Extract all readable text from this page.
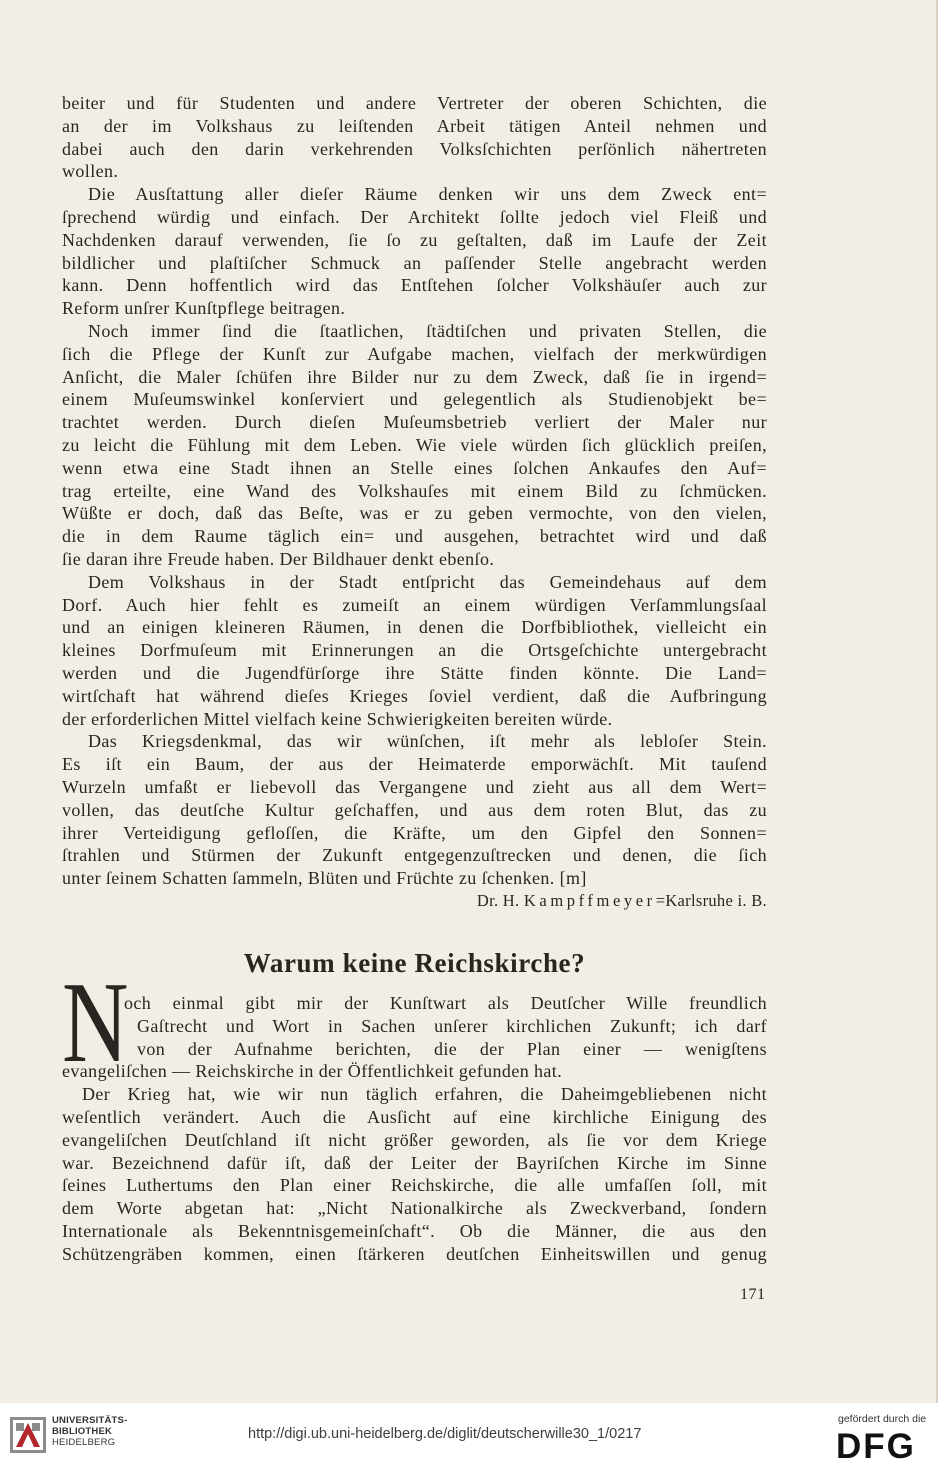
beiter und für Studenten und andere Vertreter der oberen Schichten, die
an der im Volkshaus zu leiſtenden Arbeit tätigen Anteil nehmen und
dabei auch den darin verkehrenden Volksſchichten perſönlich nähertreten
wollen.
Die Ausſtattung aller dieſer Räume denken wir uns dem Zweck ent=
ſprechend würdig und einfach. Der Architekt ſollte jedoch viel Fleiß und
Nachdenken darauf verwenden, ſie ſo zu geſtalten, daß im Laufe der Zeit
bildlicher und plaſtiſcher Schmuck an paſſender Stelle angebracht werden
kann. Denn hoffentlich wird das Entſtehen ſolcher Volkshäuſer auch zur
Reform unſrer Kunſtpflege beitragen.
Noch immer ſind die ſtaatlichen, ſtädtiſchen und privaten Stellen, die
ſich die Pflege der Kunſt zur Aufgabe machen, vielfach der merkwürdigen
Anſicht, die Maler ſchüfen ihre Bilder nur zu dem Zweck, daß ſie in irgend=
einem Muſeumswinkel konſerviert und gelegentlich als Studienobjekt be=
trachtet werden. Durch dieſen Muſeumsbetrieb verliert der Maler nur
zu leicht die Fühlung mit dem Leben. Wie viele würden ſich glücklich preiſen,
wenn etwa eine Stadt ihnen an Stelle eines ſolchen Ankaufes den Auf=
trag erteilte, eine Wand des Volkshauſes mit einem Bild zu ſchmücken.
Wüßte er doch, daß das Beſte, was er zu geben vermochte, von den vielen,
die in dem Raume täglich ein= und ausgehen, betrachtet wird und daß
ſie daran ihre Freude haben. Der Bildhauer denkt ebenſo.
Dem Volkshaus in der Stadt entſpricht das Gemeindehaus auf dem
Dorf. Auch hier fehlt es zumeiſt an einem würdigen Verſammlungsſaal
und an einigen kleineren Räumen, in denen die Dorfbibliothek, vielleicht ein
kleines Dorfmuſeum mit Erinnerungen an die Ortsgeſchichte untergebracht
werden und die Jugendfürſorge ihre Stätte finden könnte. Die Land=
wirtſchaft hat während dieſes Krieges ſoviel verdient, daß die Aufbringung
der erforderlichen Mittel vielfach keine Schwierigkeiten bereiten würde.
Das Kriegsdenkmal, das wir wünſchen, iſt mehr als lebloſer Stein.
Es iſt ein Baum, der aus der Heimaterde emporwächſt. Mit tauſend
Wurzeln umfaßt er liebevoll das Vergangene und zieht aus all dem Wert=
vollen, das deutſche Kultur geſchaffen, und aus dem roten Blut, das zu
ihrer Verteidigung gefloſſen, die Kräfte, um den Gipfel den Sonnen=
ſtrahlen und Stürmen der Zukunft entgegenzuſtrecken und denen, die ſich
unter ſeinem Schatten ſammeln, Blüten und Früchte zu ſchenken. [m]
Dr. H. Kampffmeyer=Karlsruhe i. B.
Warum keine Reichskirche?
N
och einmal gibt mir der Kunſtwart als Deutſcher Wille freundlich
Gaſtrecht und Wort in Sachen unſerer kirchlichen Zukunft; ich darf
von der Aufnahme berichten, die der Plan einer — wenigſtens
evangeliſchen — Reichskirche in der Öffentlichkeit gefunden hat.
Der Krieg hat, wie wir nun täglich erfahren, die Daheimgebliebenen nicht
weſentlich verändert. Auch die Ausſicht auf eine kirchliche Einigung des
evangeliſchen Deutſchland iſt nicht größer geworden, als ſie vor dem Kriege
war. Bezeichnend dafür iſt, daß der Leiter der Bayriſchen Kirche im Sinne
ſeines Luthertums den Plan einer Reichskirche, die alle umfaſſen ſoll, mit
dem Worte abgetan hat: „Nicht Nationalkirche als Zweckverband, ſondern
Internationale als Bekenntnisgemeinſchaft“. Ob die Männer, die aus den
Schützengräben kommen, einen ſtärkeren deutſchen Einheitswillen und genug
171
UNIVERSITÄTS-
BIBLIOTHEK
HEIDELBERG
http://digi.ub.uni-heidelberg.de/diglit/deutscherwille30_1/0217
gefördert durch die
DFG
